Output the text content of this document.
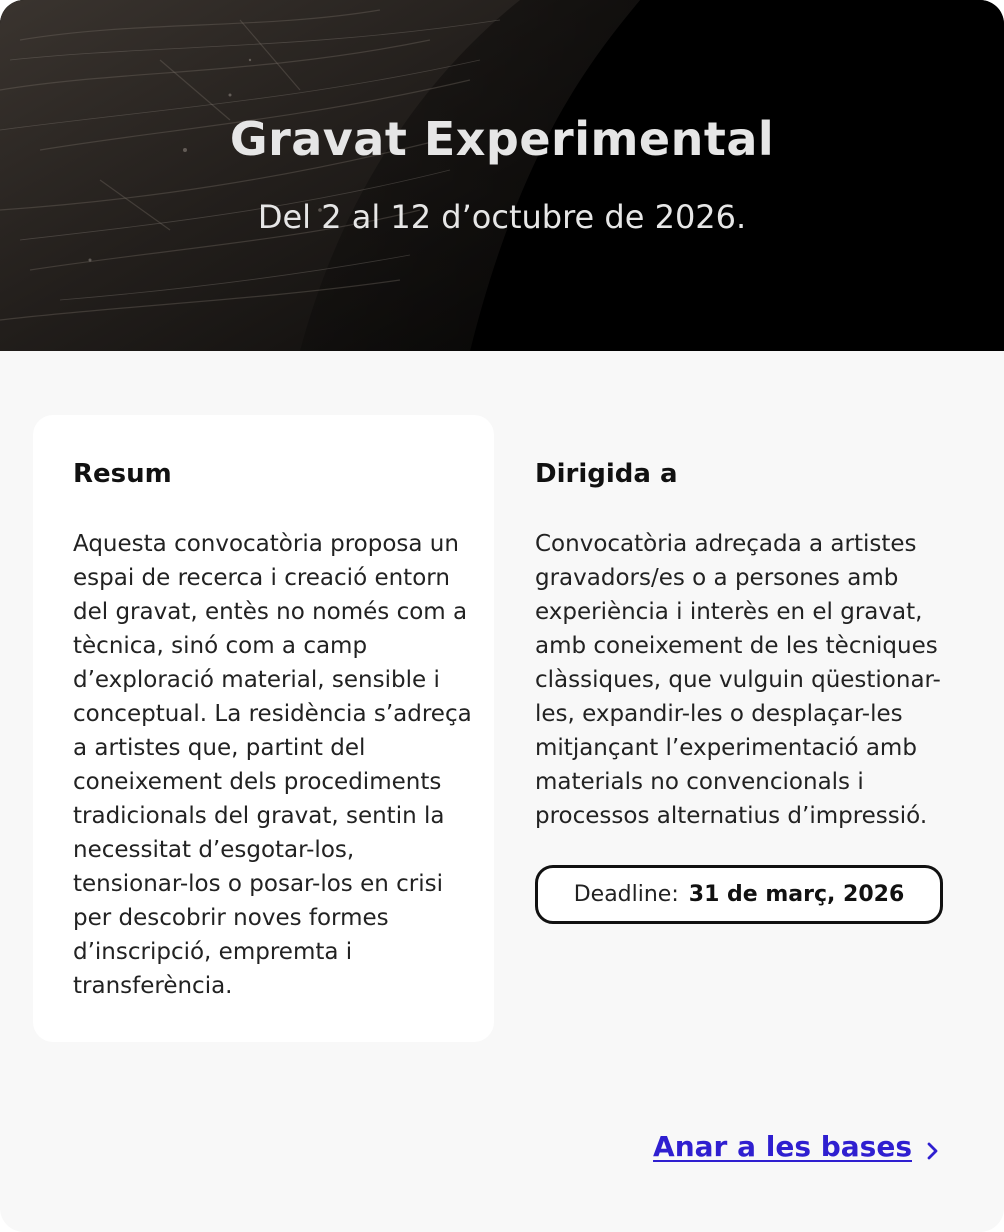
Gravat Experimental

Del 2 al 12 d’octubre de 2026.

Resum

Aquesta convocatòria proposa un espai de recerca i creació entorn del gravat, entès no només com a tècnica, sinó com a camp d’exploració material, sensible i conceptual. La residència s’adreça a artistes que, partint del coneixement dels procediments tradicionals del gravat, sentin la necessitat d’esgotar-los, tensionar-los o posar-los en crisi per descobrir noves formes d’inscripció, empremta i transferència.

Dirigida a

Convocatòria adreçada a artistes gravadors/es o a persones amb experiència i interès en el gravat, amb coneixement de les tècniques clàssiques, que vulguin qüestionar-les, expandir-les o desplaçar-les mitjançant l’experimentació amb materials no convencionals i processos alternatius d’impressió.

Deadline: 31 de març, 2026
Anar a les bases
